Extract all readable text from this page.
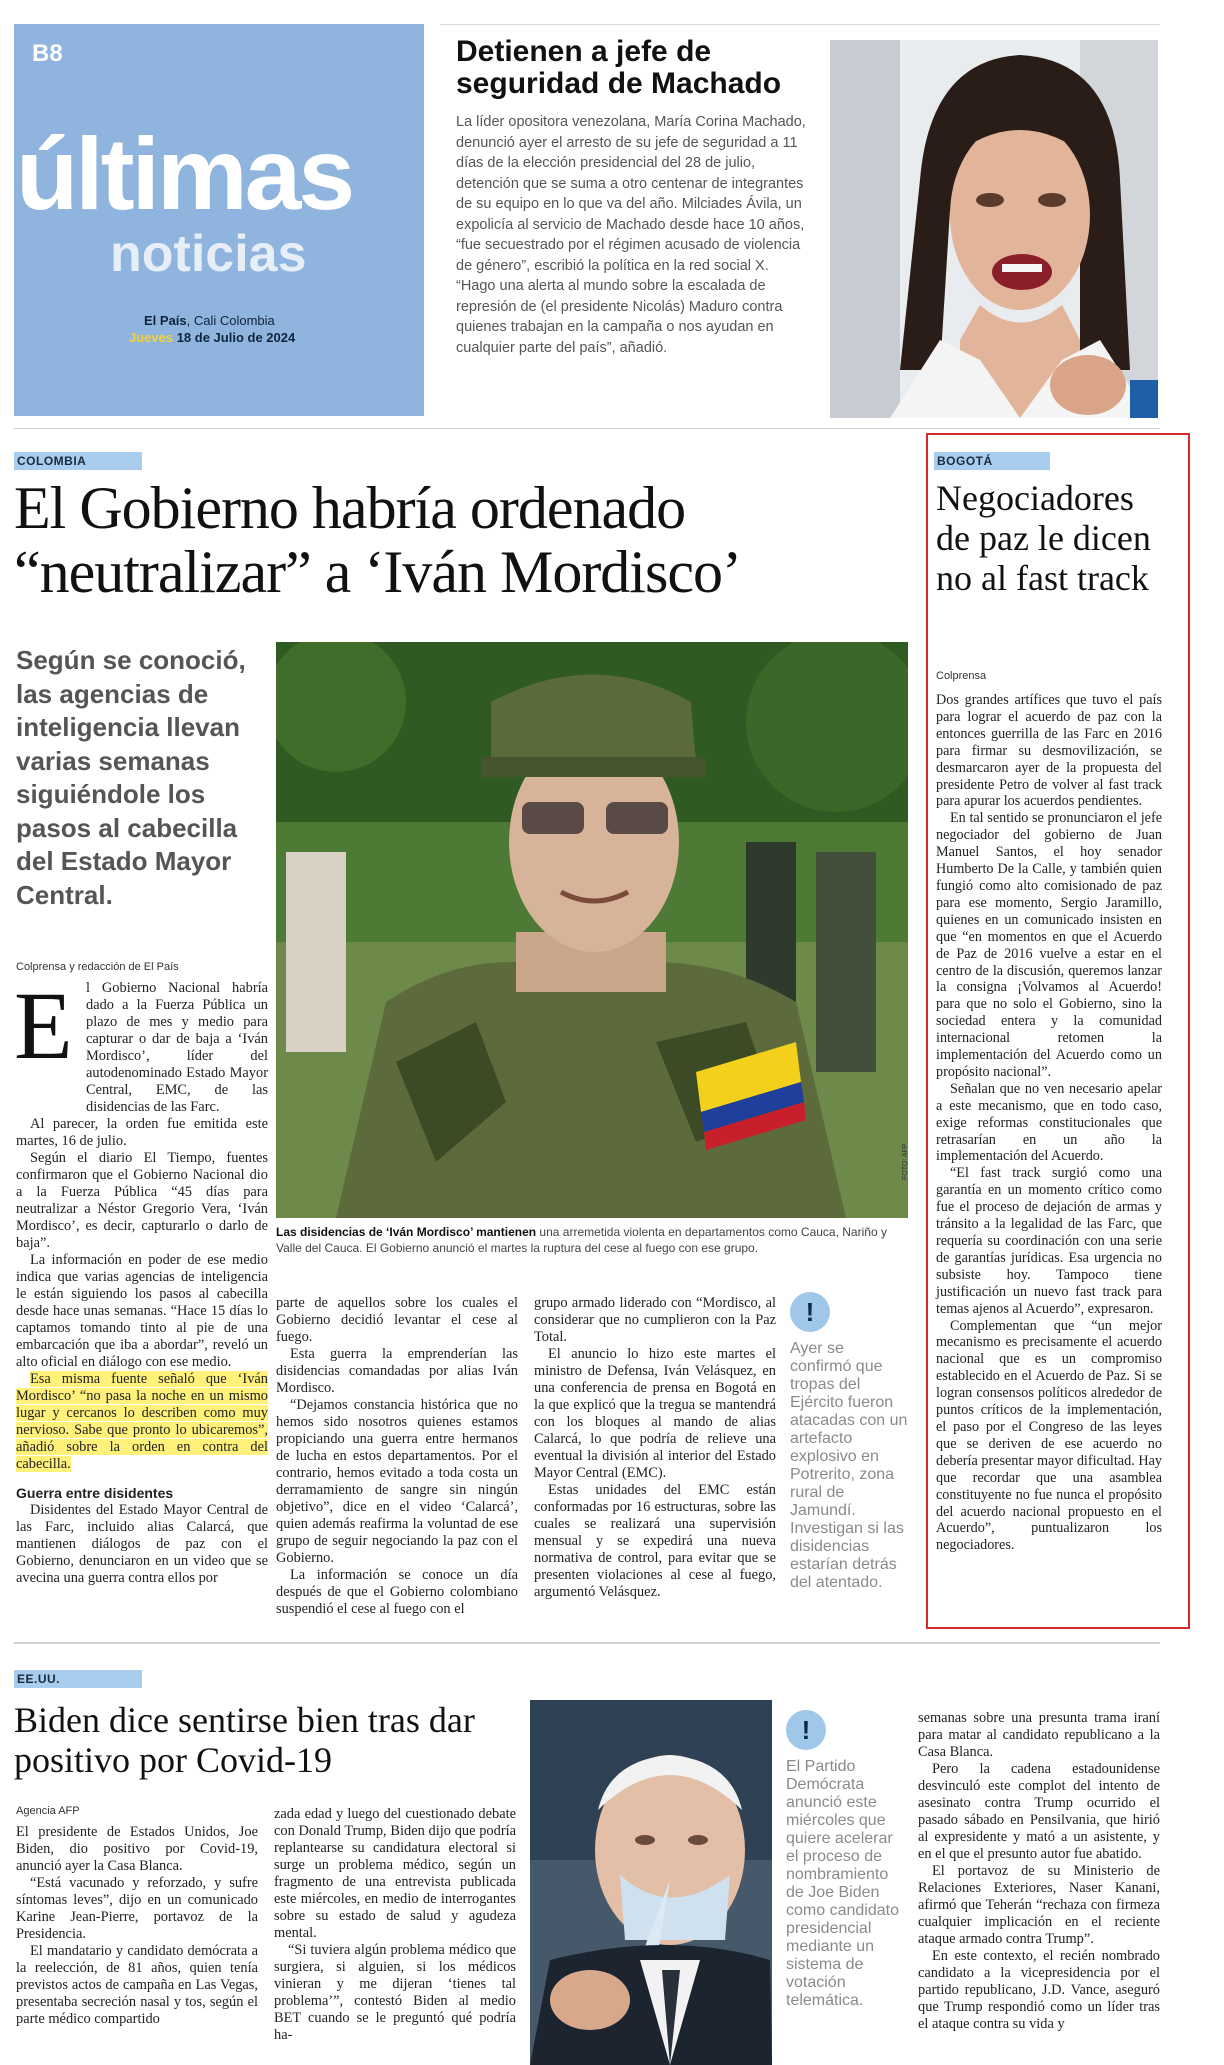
B8
últimas
noticias
El País, Cali Colombia
Jueves 18 de Julio de 2024
Detienen a jefe de seguridad de Machado
La líder opositora venezolana, María Corina Machado, denunció ayer el arresto de su jefe de seguridad a 11 días de la elección presidencial del 28 de julio, detención que se suma a otro centenar de integrantes de su equipo en lo que va del año. Milciades Ávila, un expolicía al servicio de Machado desde hace 10 años, “fue secuestrado por el régimen acusado de violencia de género”, escribió la política en la red social X.
“Hago una alerta al mundo sobre la escalada de represión de (el presidente Nicolás) Maduro contra quienes trabajan en la campaña o nos ayudan en cualquier parte del país”, añadió.
COLOMBIA
El Gobierno habría ordenado “neutralizar” a ‘Iván Mordisco’
Según se conoció, las agencias de inteligencia llevan varias semanas siguiéndole los pasos al cabecilla del Estado Mayor Central.
Colprensa y redacción de El País
FOTO: AFP
Las disidencias de ‘Iván Mordisco’ mantienen una arremetida violenta en departamentos como Cauca, Nariño y Valle del Cauca. El Gobierno anunció el martes la ruptura del cese al fuego con ese grupo.
E l Gobierno Nacional habría dado a la Fuerza Pública un plazo de mes y medio para capturar o dar de baja a ‘Iván Mordisco’, líder del autodenominado Estado Mayor Central, EMC, de las disidencias de las Farc.

Al parecer, la orden fue emitida este martes, 16 de julio.

Según el diario El Tiempo, fuentes confirmaron que el Gobierno Nacional dio a la Fuerza Pública “45 días para neutralizar a Néstor Gregorio Vera, ‘Iván Mordisco’, es decir, capturarlo o darlo de baja”.

La información en poder de ese medio indica que varias agencias de inteligencia le están siguiendo los pasos al cabecilla desde hace unas semanas. “Hace 15 días lo captamos tomando tinto al pie de una embarcación que iba a abordar”, reveló un alto oficial en diálogo con ese medio.

Esa misma fuente señaló que ‘Iván Mordisco’ “no pasa la noche en un mismo lugar y cercanos lo describen como muy nervioso. Sabe que pronto lo ubicaremos”, añadió sobre la orden en contra del cabecilla.

Guerra entre disidentes

Disidentes del Estado Mayor Central de las Farc, incluido alias Calarcá, que mantienen diálogos de paz con el Gobierno, denunciaron en un video que se avecina una guerra contra ellos por

parte de aquellos sobre los cuales el Gobierno decidió levantar el cese al fuego.

Esta guerra la emprenderían las disidencias comandadas por alias Iván Mordisco.

“Dejamos constancia histórica que no hemos sido nosotros quienes estamos propiciando una guerra entre hermanos de lucha en estos departamentos. Por el contrario, hemos evitado a toda costa un derramamiento de sangre sin ningún objetivo”, dice en el video ‘Calarcá’, quien además reafirma la voluntad de ese grupo de seguir negociando la paz con el Gobierno.

La información se conoce un día después de que el Gobierno colombiano suspendió el cese al fuego con el

grupo armado liderado con “Mordisco, al considerar que no cumplieron con la Paz Total.

El anuncio lo hizo este martes el ministro de Defensa, Iván Velásquez, en una conferencia de prensa en Bogotá en la que explicó que la tregua se mantendrá con los bloques al mando de alias Calarcá, lo que podría de relieve una eventual la división al interior del Estado Mayor Central (EMC).

Estas unidades del EMC están conformadas por 16 estructuras, sobre las cuales se realizará una supervisión mensual y se expedirá una nueva normativa de control, para evitar que se presenten violaciones al cese al fuego, argumentó Velásquez.

!
Ayer se confirmó que tropas del Ejército fueron atacadas con un artefacto explosivo en Potrerito, zona rural de Jamundí. Investigan si las disidencias estarían detrás del atentado.
BOGOTÁ
Negociadores de paz le dicen no al fast track
Colprensa

Dos grandes artífices que tuvo el país para lograr el acuerdo de paz con la entonces guerrilla de las Farc en 2016 para firmar su desmovilización, se desmarcaron ayer de la propuesta del presidente Petro de volver al fast track para apurar los acuerdos pendientes.

En tal sentido se pronunciaron el jefe negociador del gobierno de Juan Manuel Santos, el hoy senador Humberto De la Calle, y también quien fungió como alto comisionado de paz para ese momento, Sergio Jaramillo, quienes en un comunicado insisten en que “en momentos en que el Acuerdo de Paz de 2016 vuelve a estar en el centro de la discusión, queremos lanzar la consigna ¡Volvamos al Acuerdo! para que no solo el Gobierno, sino la sociedad entera y la comunidad internacional retomen la implementación del Acuerdo como un propósito nacional”.

Señalan que no ven necesario apelar a este mecanismo, que en todo caso, exige reformas constitucionales que retrasarían en un año la implementación del Acuerdo.

“El fast track surgió como una garantía en un momento crítico como fue el proceso de dejación de armas y tránsito a la legalidad de las Farc, que requería su coordinación con una serie de garantías jurídicas. Esa urgencia no subsiste hoy. Tampoco tiene justificación un nuevo fast track para temas ajenos al Acuerdo”, expresaron.

Complementan que “un mejor mecanismo es precisamente el acuerdo nacional que es un compromiso establecido en el Acuerdo de Paz. Si se logran consensos políticos alrededor de puntos críticos de la implementación, el paso por el Congreso de las leyes que se deriven de ese acuerdo no debería presentar mayor dificultad. Hay que recordar que una asamblea constituyente no fue nunca el propósito del acuerdo nacional propuesto en el Acuerdo”, puntualizaron los negociadores.

EE.UU.
Biden dice sentirse bien tras dar positivo por Covid-19
Agencia AFP

El presidente de Estados Unidos, Joe Biden, dio positivo por Covid-19, anunció ayer la Casa Blanca.

“Está vacunado y reforzado, y sufre síntomas leves”, dijo en un comunicado Karine Jean-Pierre, portavoz de la Presidencia.

El mandatario y candidato demócrata a la reelección, de 81 años, quien tenía previstos actos de campaña en Las Vegas, presentaba secreción nasal y tos, según el parte médico compartido

zada edad y luego del cuestionado debate con Donald Trump, Biden dijo que podría replantearse su candidatura electoral si surge un problema médico, según un fragmento de una entrevista publicada este miércoles, en medio de interrogantes sobre su estado de salud y agudeza mental.

“Si tuviera algún problema médico que surgiera, si alguien, si los médicos vinieran y me dijeran ‘tienes tal problema’”, contestó Biden al medio BET cuando se le preguntó qué podría ha-

!
El Partido Demócrata anunció este miércoles que quiere acelerar el proceso de nombramiento de Joe Biden como candidato presidencial mediante un sistema de votación telemática.

semanas sobre una presunta trama iraní para matar al candidato republicano a la Casa Blanca.

Pero la cadena estadounidense desvinculó este complot del intento de asesinato contra Trump ocurrido el pasado sábado en Pensilvania, que hirió al expresidente y mató a un asistente, y en el que el presunto autor fue abatido.

El portavoz de su Ministerio de Relaciones Exteriores, Naser Kanani, afirmó que Teherán “rechaza con firmeza cualquier implicación en el reciente ataque armado contra Trump”.

En este contexto, el recién nombrado candidato a la vicepresidencia por el partido republicano, J.D. Vance, aseguró que Trump respondió como un líder tras el ataque contra su vida y
